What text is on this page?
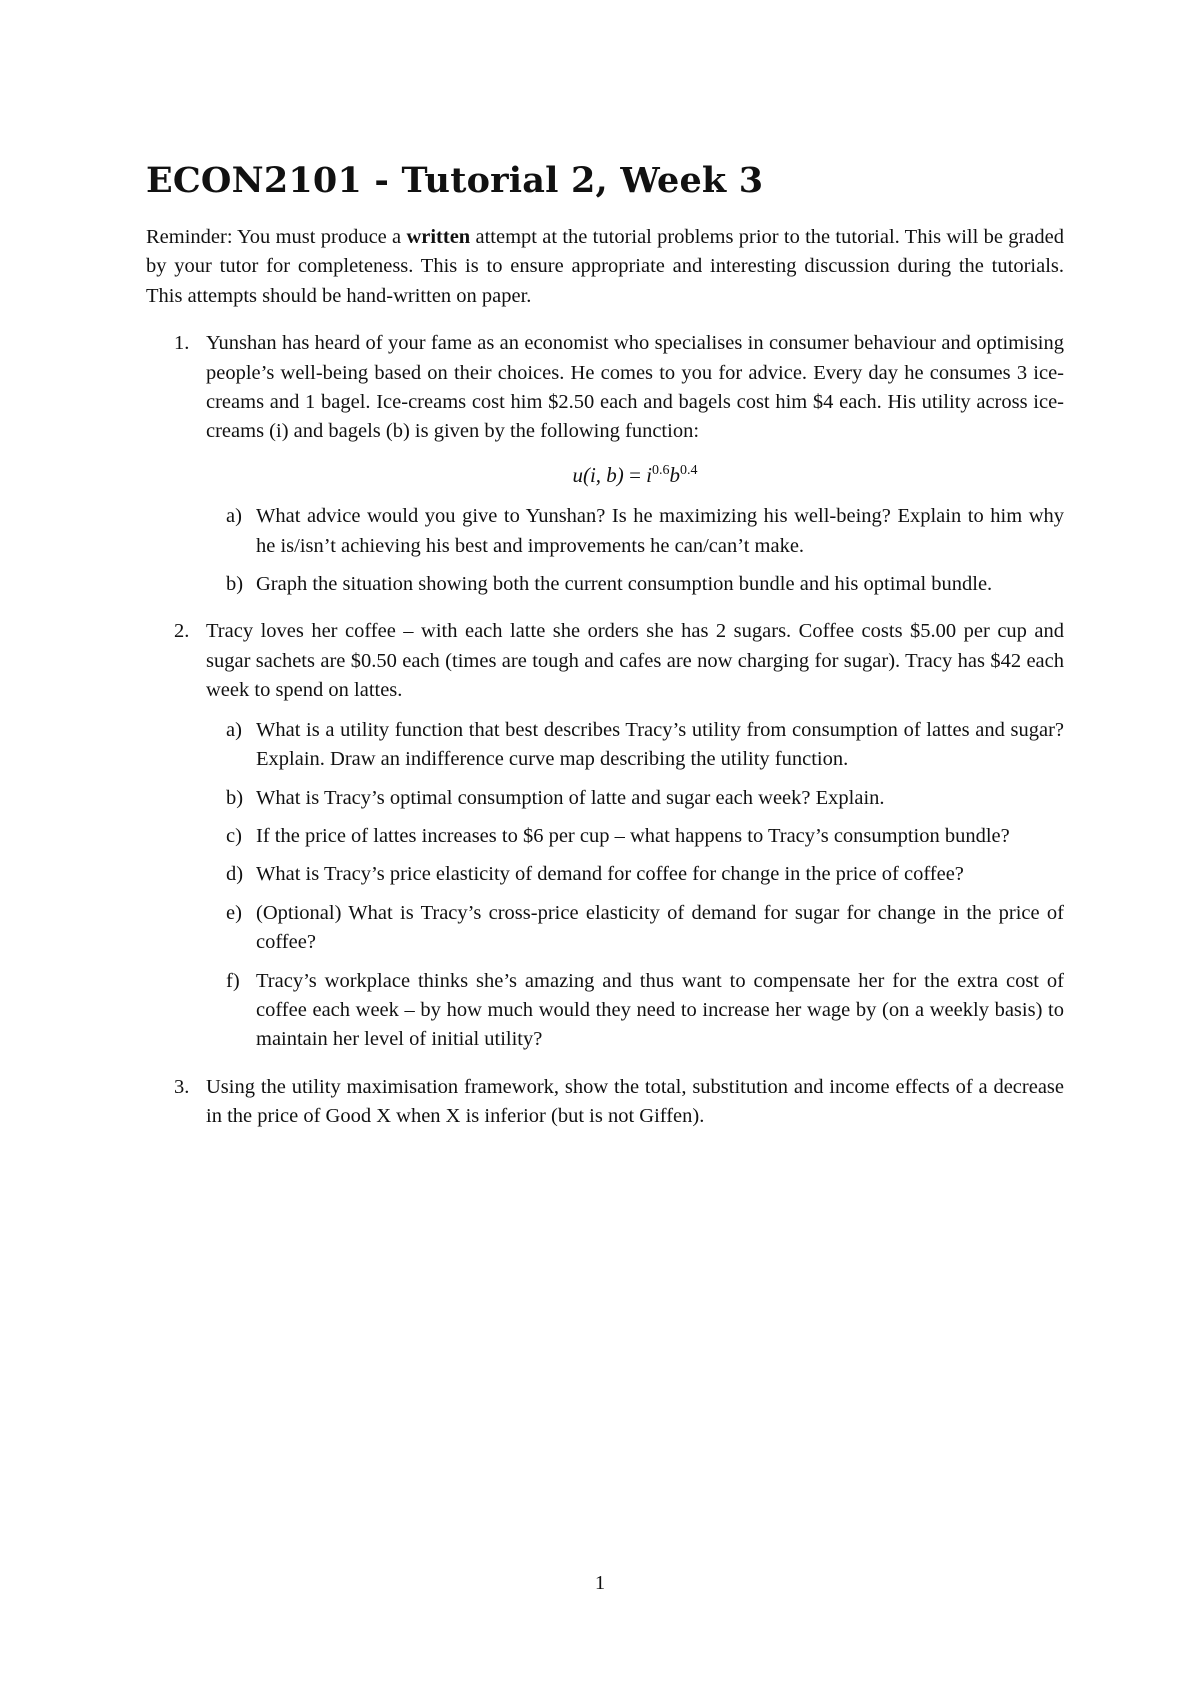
ECON2101 - Tutorial 2, Week 3

Reminder: You must produce a written attempt at the tutorial problems prior to the tutorial. This will be graded by your tutor for completeness. This is to ensure appropriate and interesting discussion during the tutorials. This attempts should be hand-written on paper.

1. Yunshan has heard of your fame as an economist who specialises in consumer behaviour and optimising people’s well-being based on their choices. He comes to you for advice. Every day he consumes 3 ice-creams and 1 bagel. Ice-creams cost him $2.50 each and bagels cost him $4 each. His utility across ice-creams (i) and bagels (b) is given by the following function:

u(i, $b) = i^{0.6}b^{0.4}$
a) What advice would you give to Yunshan? Is he maximizing his well-being? Explain to him why he is/isn’t achieving his best and improvements he can/can’t make.

b) Graph the situation showing both the current consumption bundle and his optimal bundle.

2. Tracy loves her coffee – with each latte she orders she has 2 sugars. Coffee costs $5.00 per cup and sugar sachets are $0.50 each (times are tough and cafes are now charging for sugar). Tracy has $42 each week to spend on lattes.

a) What is a utility function that best describes Tracy’s utility from consumption of lattes and sugar? Explain. Draw an indifference curve map describing the utility function.

b) What is Tracy’s optimal consumption of latte and sugar each week? Explain.

c) If the price of lattes increases to $6 per cup – what happens to Tracy’s consumption bundle?

d) What is Tracy’s price elasticity of demand for coffee for change in the price of coffee?

e) (Optional) What is Tracy’s cross-price elasticity of demand for sugar for change in the price of coffee?

f) Tracy’s workplace thinks she’s amazing and thus want to compensate her for the extra cost of coffee each week – by how much would they need to increase her wage by (on a weekly basis) to maintain her level of initial utility?

3. Using the utility maximisation framework, show the total, substitution and income effects of a decrease in the price of Good X when X is inferior (but is not Giffen).

1
